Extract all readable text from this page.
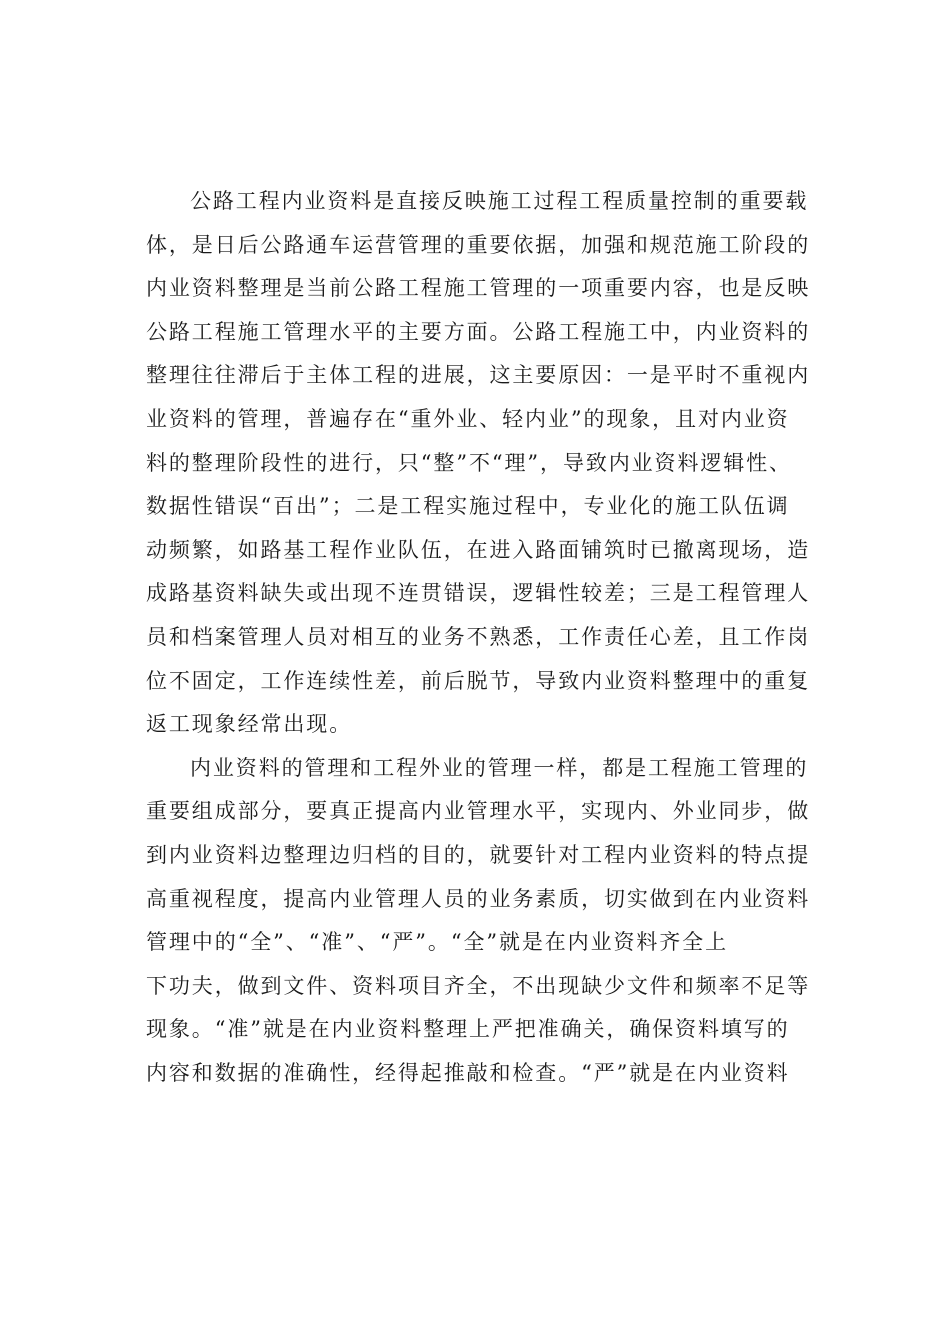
公路工程内业资料是直接反映施工过程工程质量控制的重要载
体，是日后公路通车运营管理的重要依据，加强和规范施工阶段的
内业资料整理是当前公路工程施工管理的一项重要内容，也是反映
公路工程施工管理水平的主要方面。公路工程施工中，内业资料的
整理往往滞后于主体工程的进展，这主要原因：一是平时不重视内
业资料的管理，普遍存在“重外业、轻内业”的现象，且对内业资
料的整理阶段性的进行，只“整”不“理”，导致内业资料逻辑性、
数据性错误“百出”；二是工程实施过程中，专业化的施工队伍调
动频繁，如路基工程作业队伍，在进入路面铺筑时已撤离现场，造
成路基资料缺失或出现不连贯错误，逻辑性较差；三是工程管理人
员和档案管理人员对相互的业务不熟悉，工作责任心差，且工作岗
位不固定，工作连续性差，前后脱节，导致内业资料整理中的重复
返工现象经常出现。
内业资料的管理和工程外业的管理一样，都是工程施工管理的
重要组成部分，要真正提高内业管理水平，实现内、外业同步，做
到内业资料边整理边归档的目的，就要针对工程内业资料的特点提
高重视程度，提高内业管理人员的业务素质，切实做到在内业资料
管理中的“全”、“准”、“严”。“全”就是在内业资料齐全上
下功夫，做到文件、资料项目齐全，不出现缺少文件和频率不足等
现象。“准”就是在内业资料整理上严把准确关，确保资料填写的
内容和数据的准确性，经得起推敲和检查。“严”就是在内业资料
